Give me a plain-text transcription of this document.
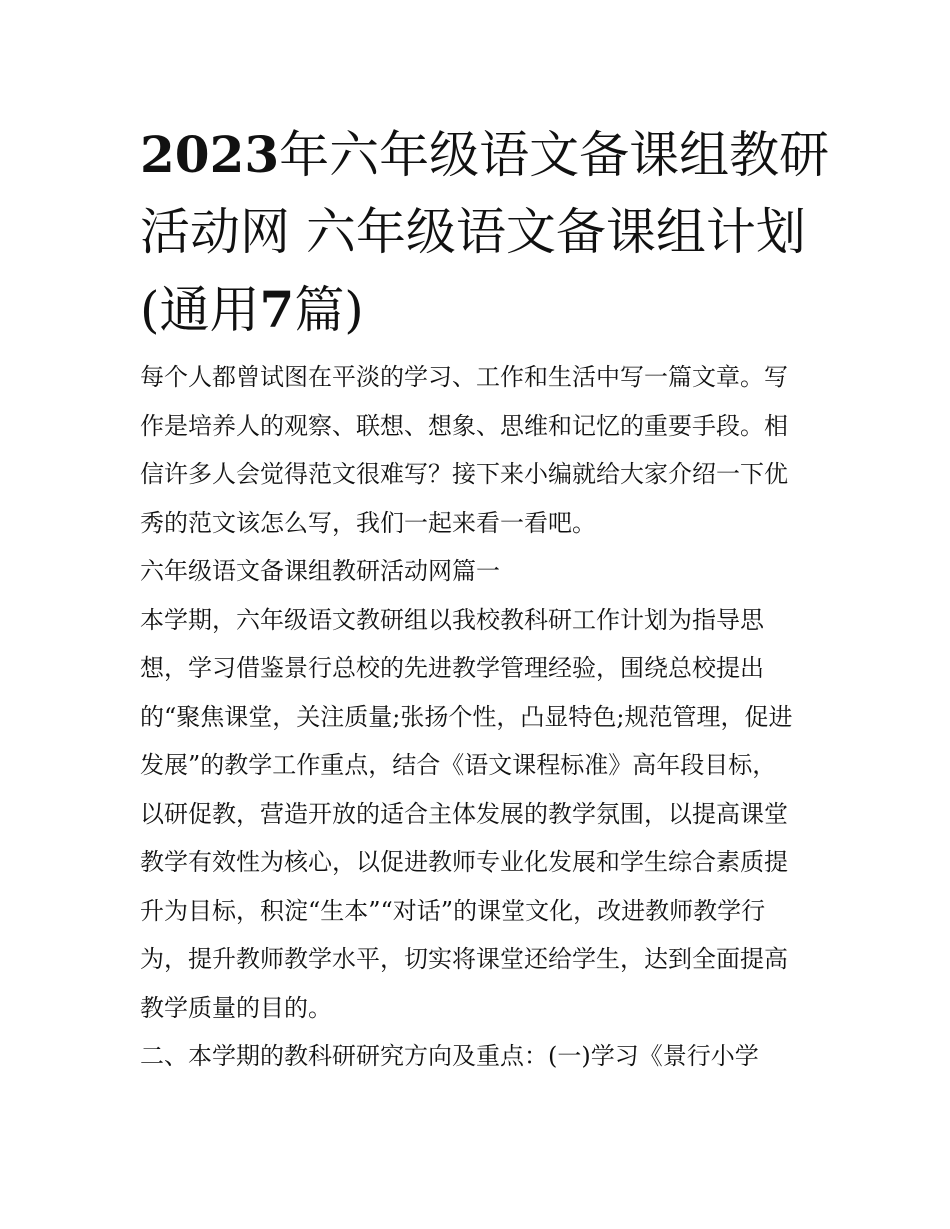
2023年六年级语文备课组教研
活动网 六年级语文备课组计划
(通用7篇)
每个人都曾试图在平淡的学习、工作和生活中写一篇文章。写
作是培养人的观察、联想、想象、思维和记忆的重要手段。相
信许多人会觉得范文很难写？接下来小编就给大家介绍一下优
秀的范文该怎么写，我们一起来看一看吧。
六年级语文备课组教研活动网篇一
本学期，六年级语文教研组以我校教科研工作计划为指导思
想，学习借鉴景行总校的先进教学管理经验，围绕总校提出
的“聚焦课堂，关注质量;张扬个性，凸显特色;规范管理，促进
发展”的教学工作重点，结合《语文课程标准》高年段目标，
以研促教，营造开放的适合主体发展的教学氛围，以提高课堂
教学有效性为核心，以促进教师专业化发展和学生综合素质提
升为目标，积淀“生本”“对话”的课堂文化，改进教师教学行
为，提升教师教学水平，切实将课堂还给学生，达到全面提高
教学质量的目的。
二、本学期的教科研研究方向及重点：(一)学习《景行小学
